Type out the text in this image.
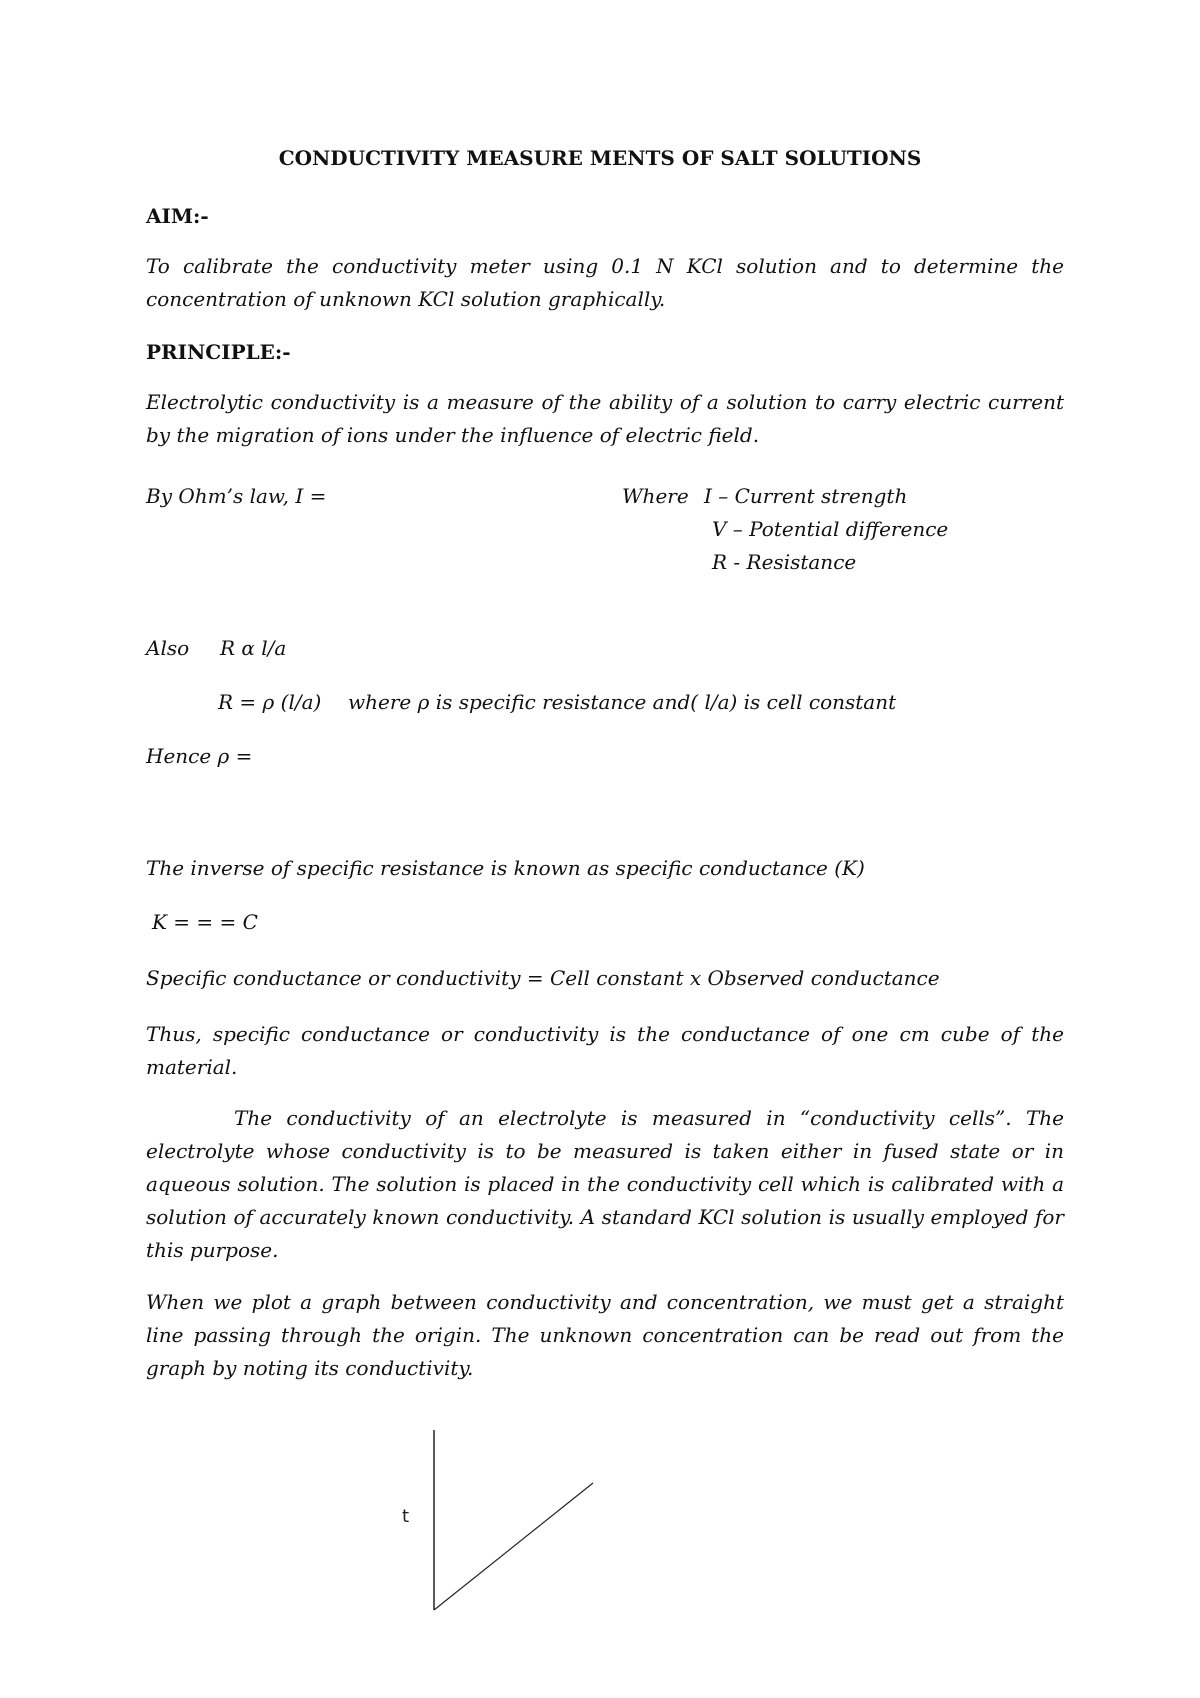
CONDUCTIVITY MEASURE MENTS OF SALT SOLUTIONS
AIM:-
To calibrate the conductivity meter using 0.1 N KCl solution and to determine the concentration of unknown KCl solution graphically.
PRINCIPLE:-
Electrolytic conductivity is a measure of the ability of a solution to carry electric current by the migration of ions under the influence of electric field.
By Ohm’s law, I =	Where I – Current strength
V – Potential difference
R - Resistance
Also R α l/a
R = ρ (l/a) where ρ is specific resistance and( l/a) is cell constant
Hence ρ =
The inverse of specific resistance is known as specific conductance (K)
K = = = C
Specific conductance or conductivity = Cell constant x Observed conductance
Thus, specific conductance or conductivity is the conductance of one cm cube of the material.
The conductivity of an electrolyte is measured in “conductivity cells”. The electrolyte whose conductivity is to be measured is taken either in fused state or in aqueous solution. The solution is placed in the conductivity cell which is calibrated with a solution of accurately known conductivity. A standard KCl solution is usually employed for this purpose.
When we plot a graph between conductivity and concentration, we must get a straight line passing through the origin. The unknown concentration can be read out from the graph by noting its conductivity.
t
